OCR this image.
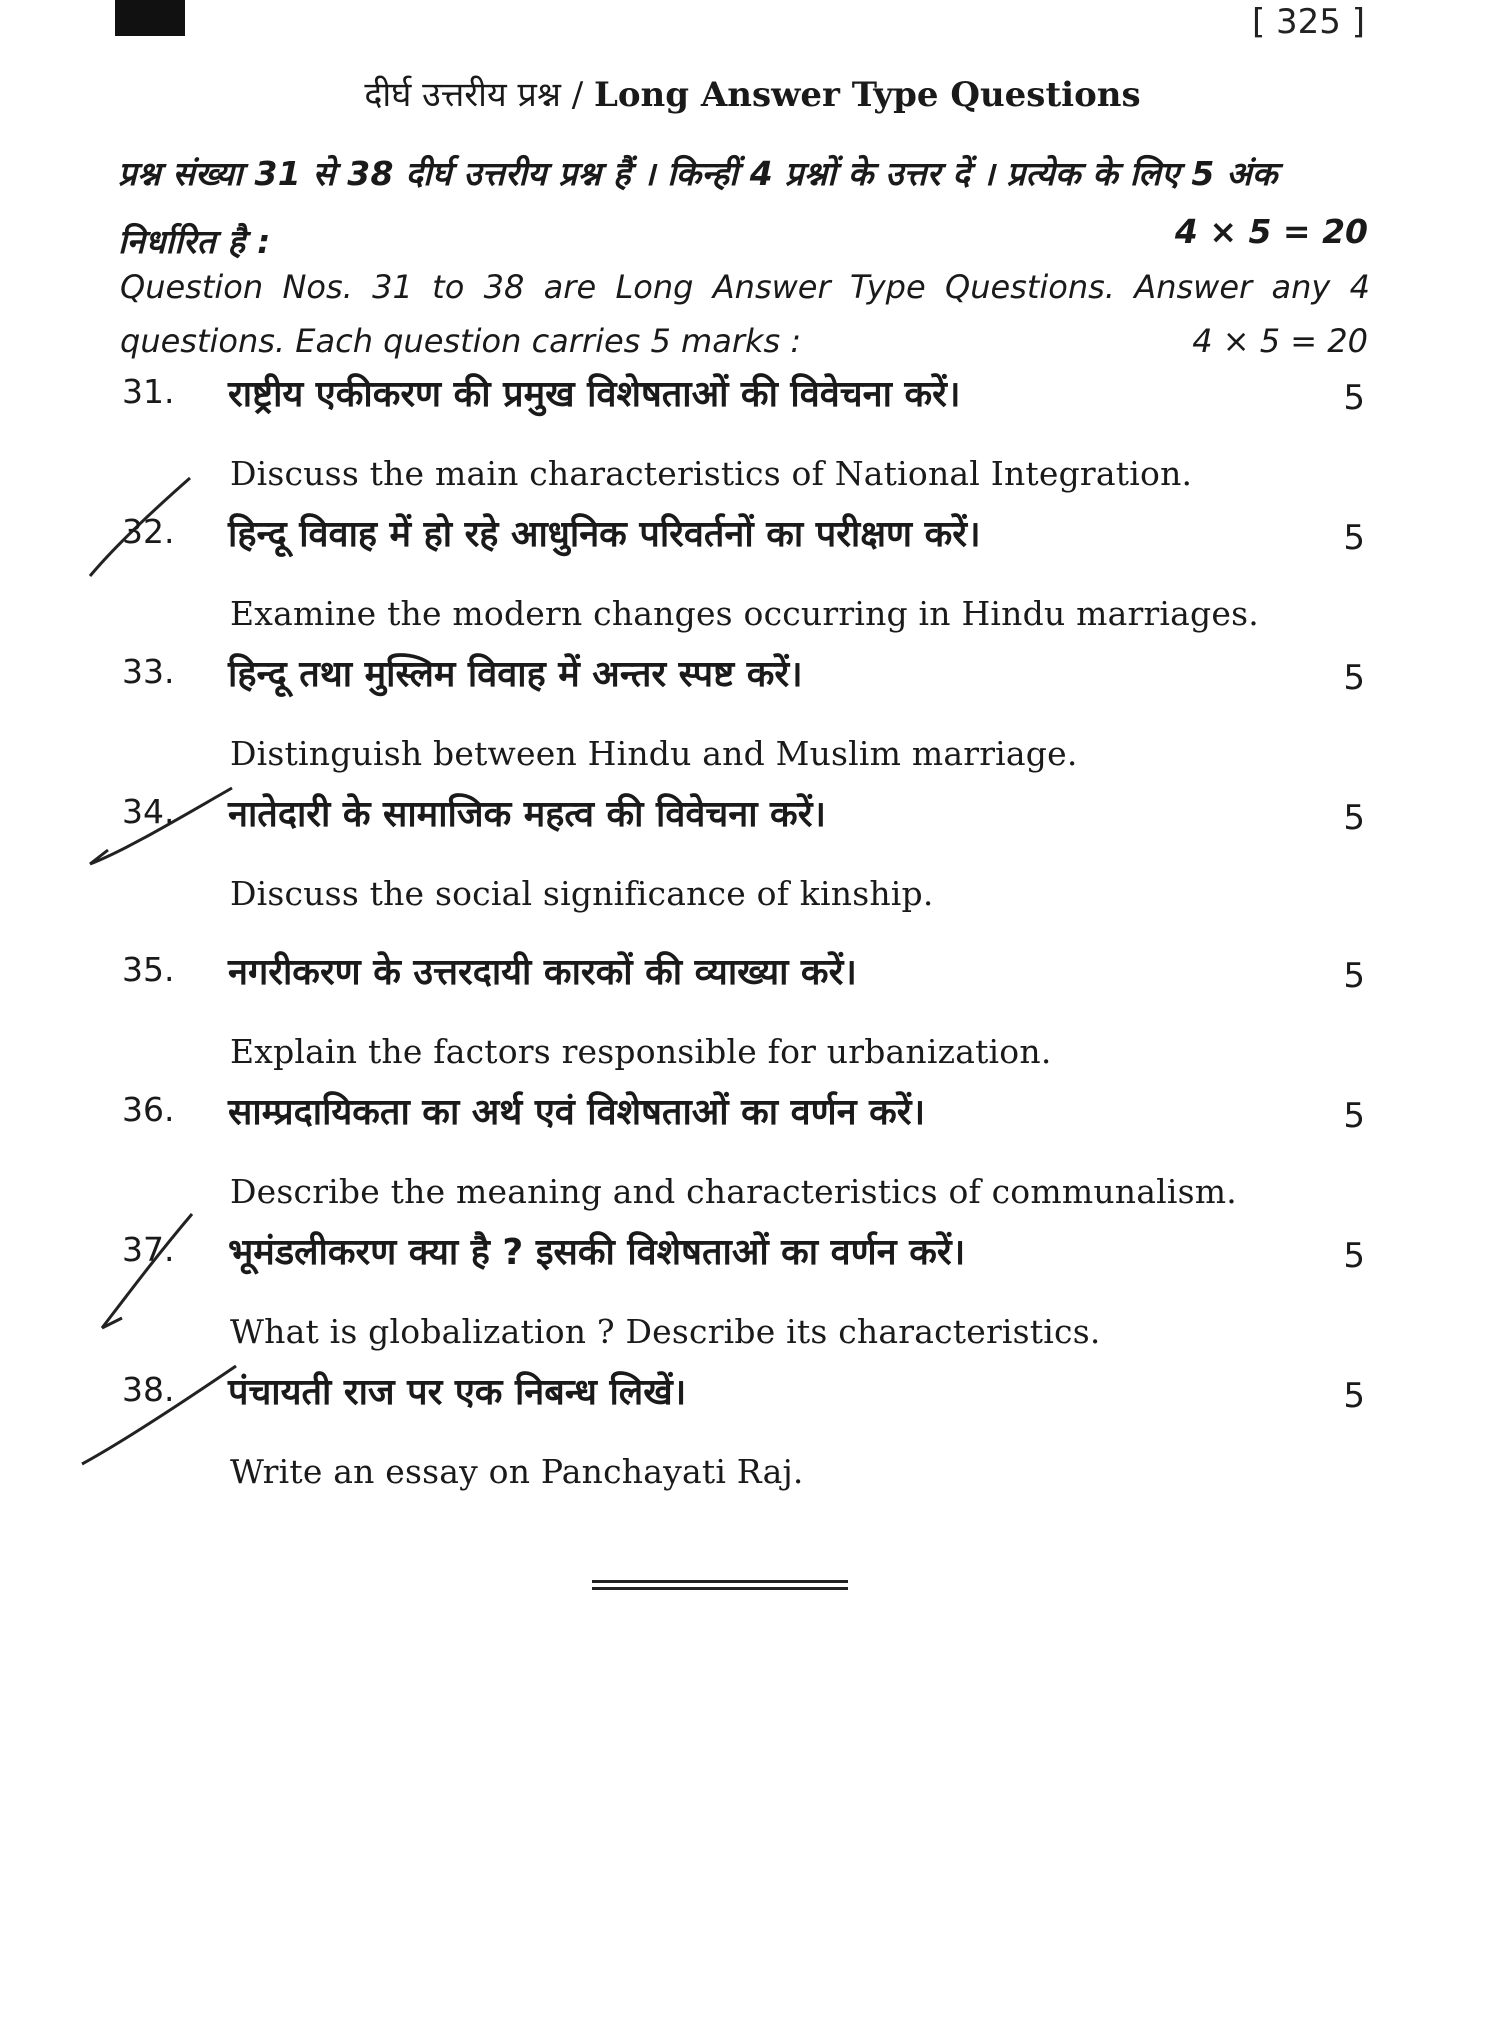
[ 325 ]
दीर्घ उत्तरीय प्रश्न / Long Answer Type Questions
प्रश्न संख्या 31 से 38 दीर्घ उत्तरीय प्रश्न हैं । किन्हीं 4 प्रश्नों के उत्तर दें । प्रत्येक के लिए 5 अंक निर्धारित है :	4 × 5 = 20
Question Nos. 31 to 38 are Long Answer Type Questions. Answer any 4 questions. Each question carries 5 marks :	4 × 5 = 20
31. राष्ट्रीय एकीकरण की प्रमुख विशेषताओं की विवेचना करें।	5
Discuss the main characteristics of National Integration.
32. हिन्दू विवाह में हो रहे आधुनिक परिवर्तनों का परीक्षण करें।	5
Examine the modern changes occurring in Hindu marriages.
33. हिन्दू तथा मुस्लिम विवाह में अन्तर स्पष्ट करें।	5
Distinguish between Hindu and Muslim marriage.
34. नातेदारी के सामाजिक महत्व की विवेचना करें।	5
Discuss the social significance of kinship.
35. नगरीकरण के उत्तरदायी कारकों की व्याख्या करें।	5
Explain the factors responsible for urbanization.
36. साम्प्रदायिकता का अर्थ एवं विशेषताओं का वर्णन करें।	5
Describe the meaning and characteristics of communalism.
37. भूमंडलीकरण क्या है ? इसकी विशेषताओं का वर्णन करें।	5
What is globalization ? Describe its characteristics.
38. पंचायती राज पर एक निबन्ध लिखें।	5
Write an essay on Panchayati Raj.
